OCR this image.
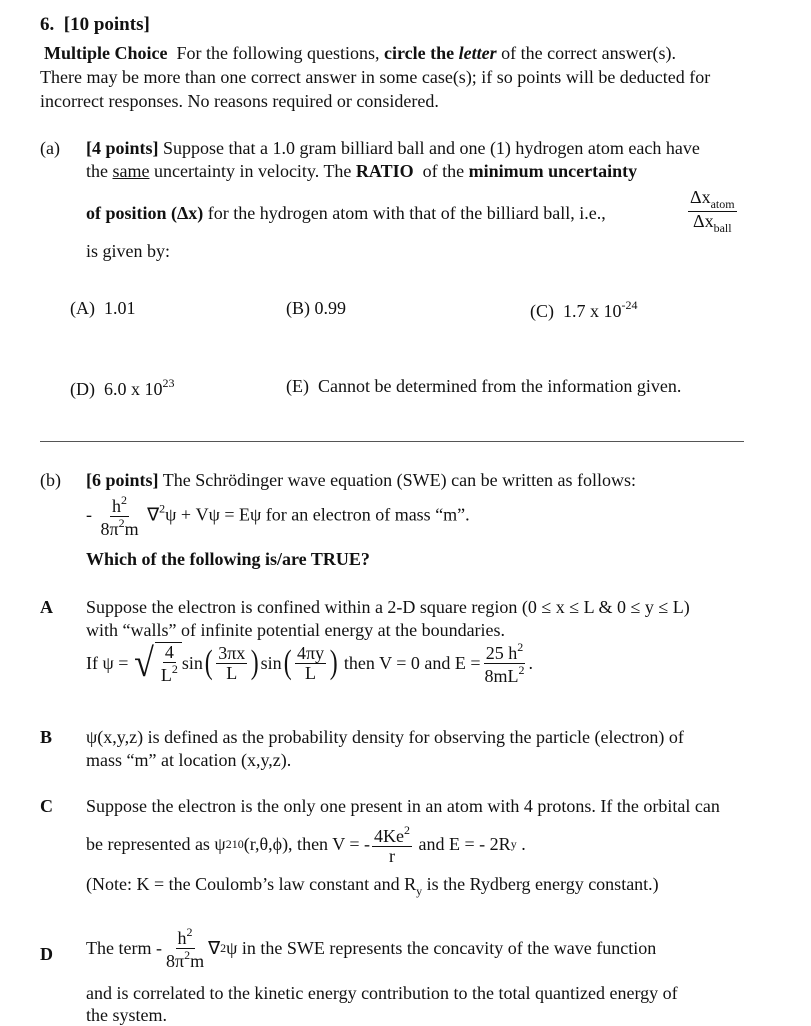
6. [10 points]
Multiple Choice For the following questions, circle the letter of the correct answer(s).
There may be more than one correct answer in some case(s); if so points will be deducted for
incorrect responses. No reasons required or considered.
(a) [4 points] Suppose that a 1.0 gram billiard ball and one (1) hydrogen atom each have
the same uncertainty in velocity. The RATIO of the minimum uncertainty
of position (Δx) for the hydrogen atom with that of the billiard ball, i.e.,	$\frac{\Delta x_{atom}}{\Delta x_{ball}}$
is given by:
(A) 1.01	(B) 0.99	(C) 1.7 x $10^{-24}$
(D) 6.0 x $10^{23}$	(E) Cannot be determined from the information given.
(b) [6 points] The Schrödinger wave equation (SWE) can be written as follows:
- $\frac{h^2}{8\pi^2m} \nabla^2\psi + V\psi = E\psi$ for an electron of mass “m”.
Which of the following is/are TRUE?
A Suppose the electron is confined within a 2-D square region (0 ≤ x ≤ L & 0 ≤ y ≤ L)
with “walls” of infinite potential energy at the boundaries.
If ψ =
√ $\frac{4}{L^2}$ sin ( $\frac{3\pi x}{L}$ ) sin ( $\frac{4\pi y}{L}$ )
then V = 0 and $E = \frac{25 h^2}{8mL^2}$ .
B ψ(x,y,z) is defined as the probability density for observing the particle (electron) of
mass “m” at location (x,y,z).
C Suppose the electron is the only one present in an atom with 4 protons. If the orbital can
be represented as ψ 210 (r,θ,ϕ), then V = - $\frac{4Ke^2}{r}$
and E = - 2R y
.
(Note: K = the Coulomb’s law constant and $R_y$ is the Rydberg energy constant.)
D The term - $\frac{h^2}{8\pi^2m}$ ∇ 2 ψ in the SWE represents the concavity of the wave function
and is correlated to the kinetic energy contribution to the total quantized energy of
the system.
